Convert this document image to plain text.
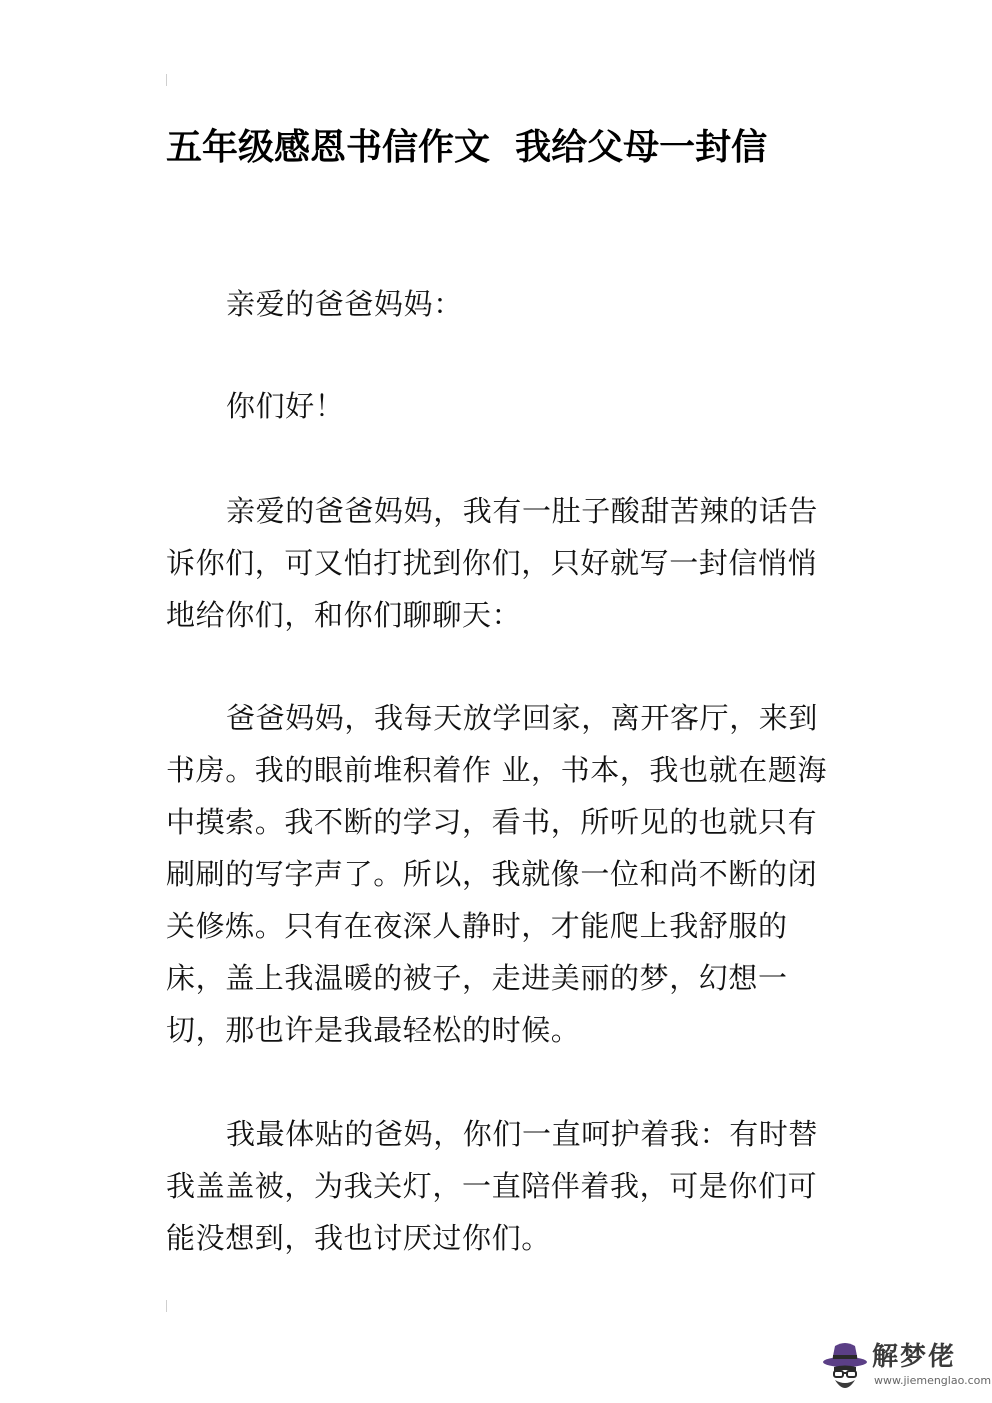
五年级感恩书信作文  我给父母一封信
亲爱的爸爸妈妈：
你们好！
亲爱的爸爸妈妈，我有一肚子酸甜苦辣的话告诉你们，可又怕打扰到你们，只好就写一封信悄悄地给你们，和你们聊聊天：
爸爸妈妈，我每天放学回家，离开客厅，来到书房。我的眼前堆积着作 业，书本，我也就在题海中摸索。我不断的学习，看书，所听见的也就只有刷刷的写字声了。所以，我就像一位和尚不断的闭关修炼。只有在夜深人静时，才能爬上我舒服的床，盖上我温暖的被子，走进美丽的梦，幻想一切，那也许是我最轻松的时候。
我最体贴的爸妈，你们一直呵护着我：有时替我盖盖被，为我关灯，一直陪伴着我，可是你们可能没想到，我也讨厌过你们。
解梦佬
www.jiemenglao.com
